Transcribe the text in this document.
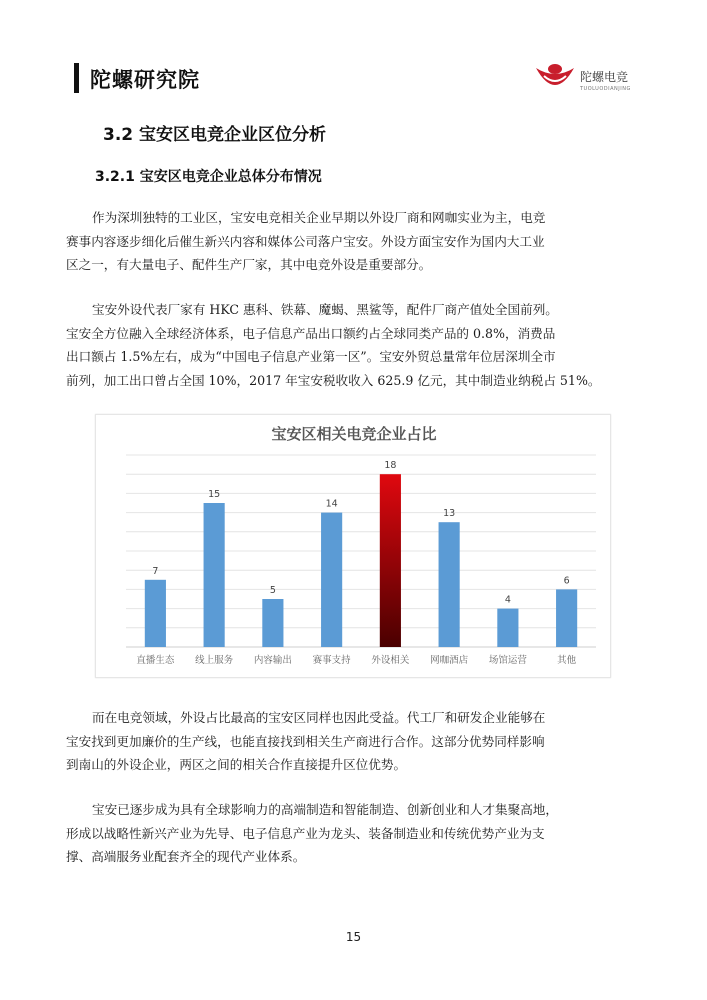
陀螺研究院	陀螺电竞
TUOLUODIANJING
3.2 宝安区电竞企业区位分析
3.2.1 宝安区电竞企业总体分布情况
作为深圳独特的工业区，宝安电竞相关企业早期以外设厂商和网咖实业为主，电竞
赛事内容逐步细化后催生新兴内容和媒体公司落户宝安。外设方面宝安作为国内大工业
区之一，有大量电子、配件生产厂家，其中电竞外设是重要部分。
宝安外设代表厂家有 HKC 惠科、铁幕、魔蝎、黑鲨等，配件厂商产值处全国前列。
宝安全方位融入全球经济体系，电子信息产品出口额约占全球同类产品的 0.8%，消费品
出口额占 1.5%左右，成为“中国电子信息产业第一区”。宝安外贸总量常年位居深圳全市
前列，加工出口曾占全国 10%，2017 年宝安税收收入 625.9 亿元，其中制造业纳税占 51%。
宝安区相关电竞企业占比
7
直播生态
15
线上服务
5
内容输出
14
赛事支持
18
外设相关
13
网咖酒店
4
场馆运营
6
其他
而在电竞领域，外设占比最高的宝安区同样也因此受益。代工厂和研发企业能够在
宝安找到更加廉价的生产线，也能直接找到相关生产商进行合作。这部分优势同样影响
到南山的外设企业，两区之间的相关合作直接提升区位优势。
宝安已逐步成为具有全球影响力的高端制造和智能制造、创新创业和人才集聚高地，
形成以战略性新兴产业为先导、电子信息产业为龙头、装备制造业和传统优势产业为支
撑、高端服务业配套齐全的现代产业体系。
15
